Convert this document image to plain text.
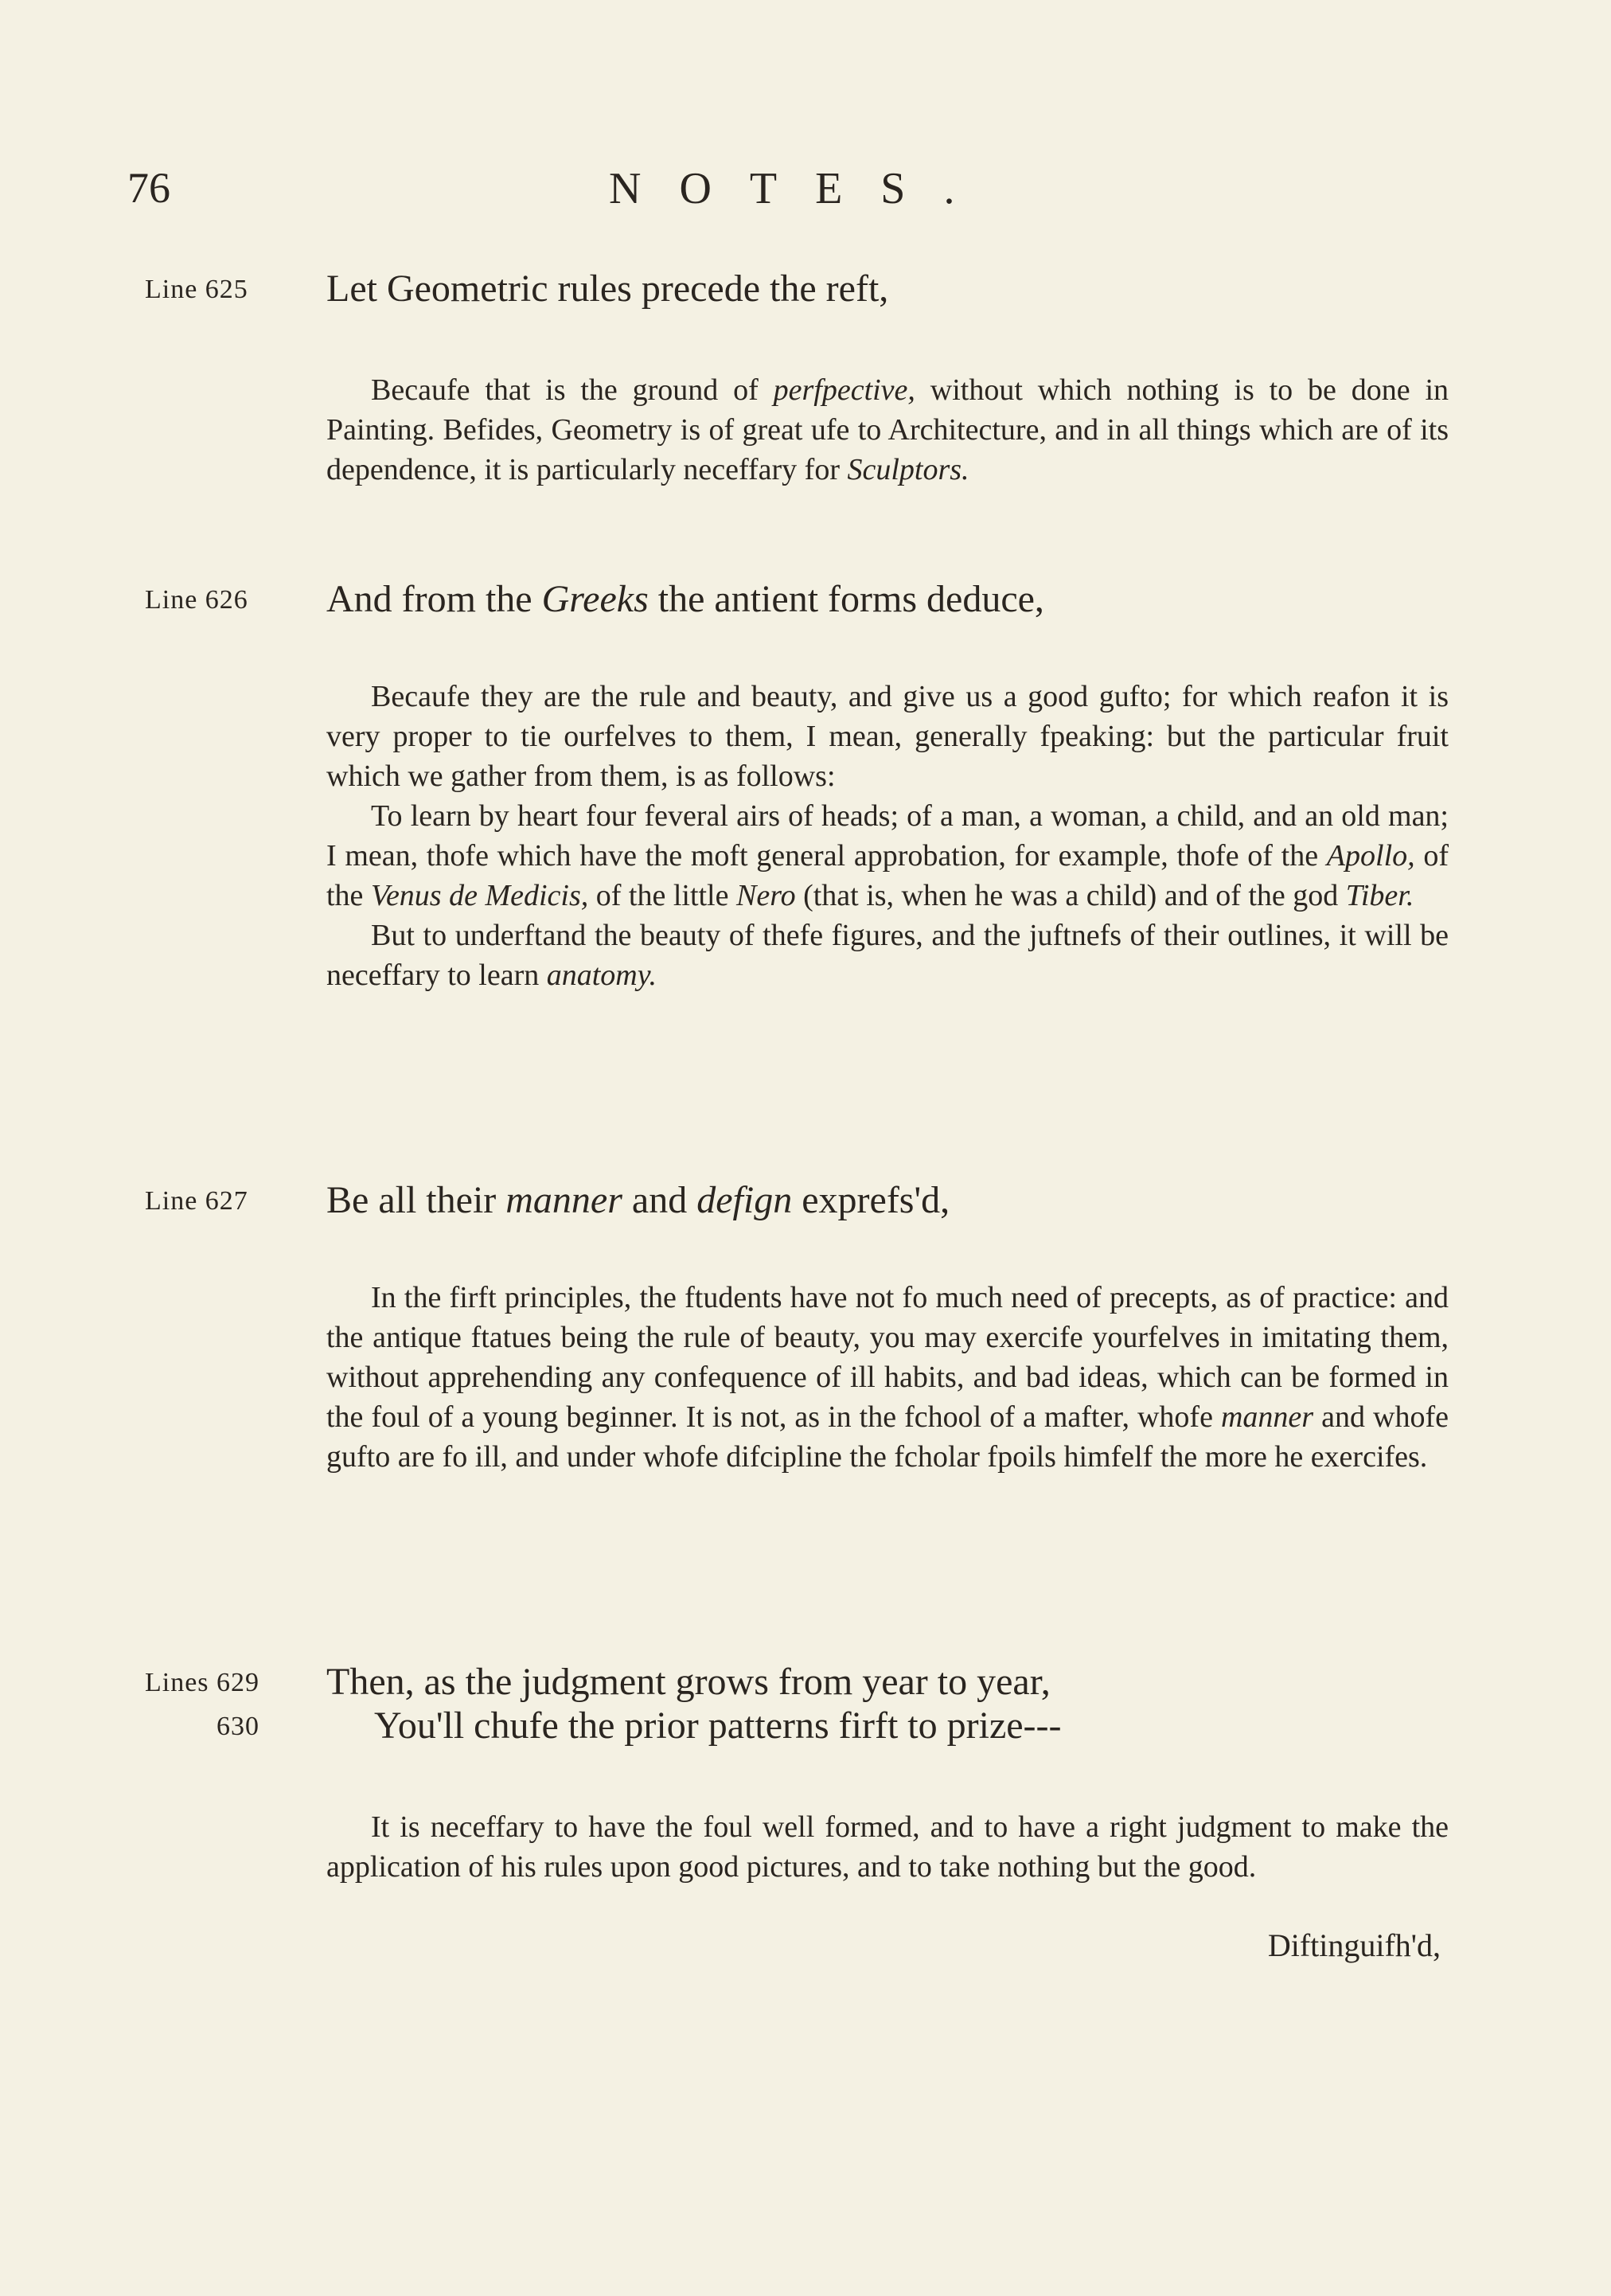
76	NOTES.
Line 625 Let Geometric rules precede the reft,

Becaufe that is the ground of perfpective, without which nothing is to be done in Painting. Befides, Geometry is of great ufe to Architecture, and in all things which are of its dependence, it is particularly neceffary for Sculptors.

Line 626 And from the Greeks the antient forms deduce,

Becaufe they are the rule and beauty, and give us a good gufto; for which reafon it is very proper to tie ourfelves to them, I mean, generally fpeaking: but the particular fruit which we gather from them, is as follows:

To learn by heart four feveral airs of heads; of a man, a woman, a child, and an old man; I mean, thofe which have the moft general approbation, for example, thofe of the Apollo, of the Venus de Medicis, of the little Nero (that is, when he was a child) and of the god Tiber.

But to underftand the beauty of thefe figures, and the juftnefs of their outlines, it will be neceffary to learn anatomy.

Line 627 Be all their manner and defign exprefs'd,

In the firft principles, the ftudents have not fo much need of precepts, as of practice: and the antique ftatues being the rule of beauty, you may exercife yourfelves in imitating them, without apprehending any confequence of ill habits, and bad ideas, which can be formed in the foul of a young beginner. It is not, as in the fchool of a mafter, whofe manner and whofe gufto are fo ill, and under whofe difcipline the fcholar fpoils himfelf the more he exercifes.

Lines 629
630
Then, as the judgment grows from year to year,
You'll chufe the prior patterns firft to prize---

It is neceffary to have the foul well formed, and to have a right judgment to make the application of his rules upon good pictures, and to take nothing but the good.

Diftinguifh'd,
